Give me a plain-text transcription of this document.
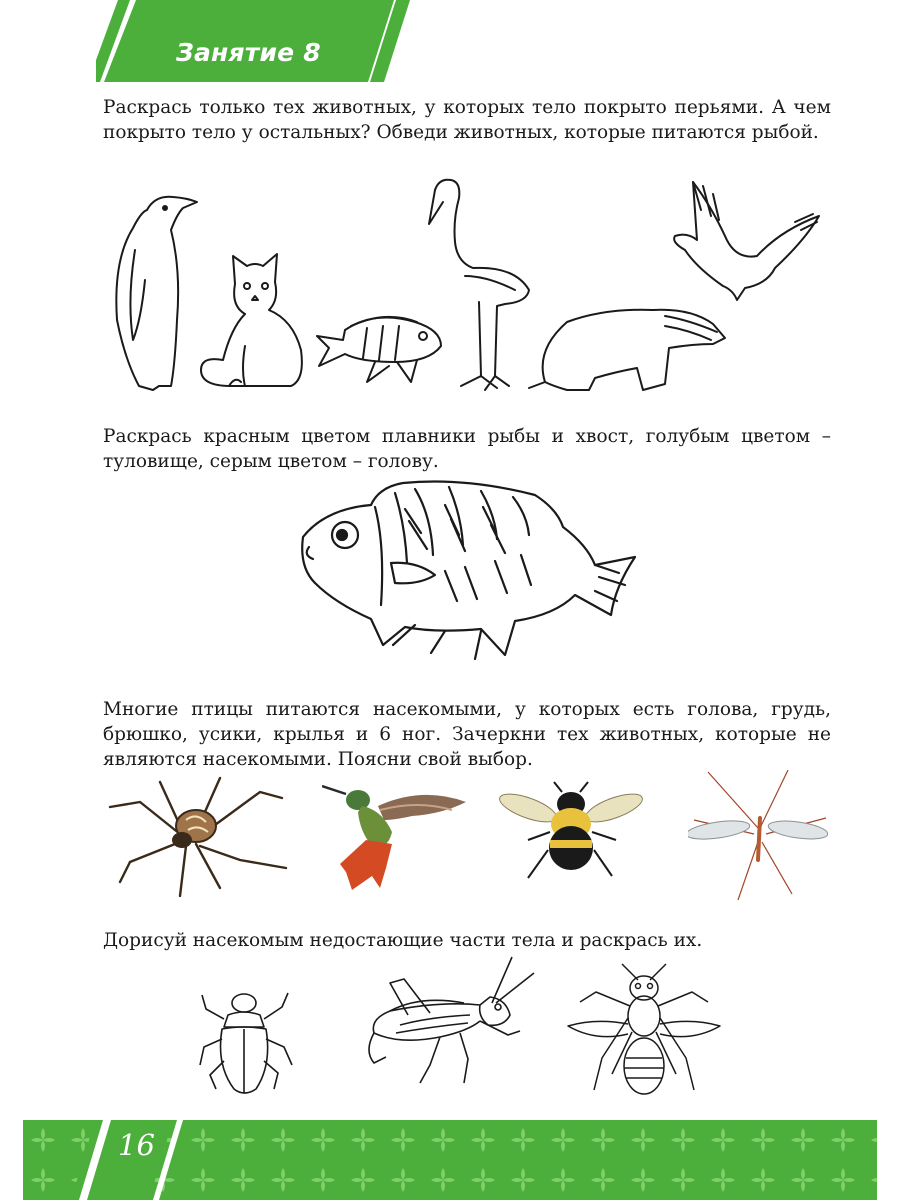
Занятие 8
Раскрась только тех животных, у которых тело покрыто перьями. А чем покрыто тело у остальных? Обведи животных, которые питаются рыбой.
Раскрась красным цветом плавники рыбы и хвост, голубым цветом – туловище, серым цветом – голову.
Многие птицы питаются насекомыми, у которых есть голова, грудь, брюшко, усики, крылья и 6 ног. Зачеркни тех животных, которые не являются насекомыми. Поясни свой выбор.
Дорисуй насекомым недостающие части тела и раскрась их.
16
